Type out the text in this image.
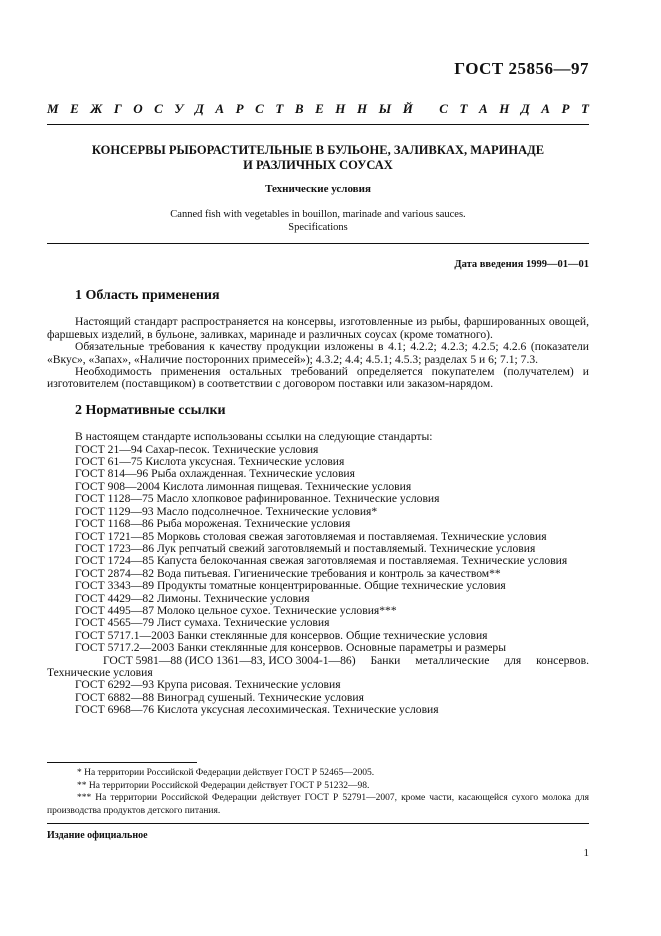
ГОСТ 25856—97
М Е Ж Г О С У Д А Р С Т В Е Н Н Ы Й
С Т А Н Д А Р Т
КОНСЕРВЫ РЫБОРАСТИТЕЛЬНЫЕ В БУЛЬОНЕ, ЗАЛИВКАХ, МАРИНАДЕ
И РАЗЛИЧНЫХ СОУСАХ
Технические условия
Canned fish with vegetables in bouillon, marinade and various sauces.
Specifications
Дата введения 1999—01—01
1 Область применения

Настоящий стандарт распространяется на консервы, изготовленные из рыбы, фаршированных овощей, фаршевых изделий, в бульоне, заливках, маринаде и различных соусах (кроме томатного).

Обязательные требования к качеству продукции изложены в 4.1; 4.2.2; 4.2.3; 4.2.5; 4.2.6 (показатели «Вкус», «Запах», «Наличие посторонних примесей»); 4.3.2; 4.4; 4.5.1; 4.5.3; разделах 5 и 6; 7.1; 7.3.

Необходимость применения остальных требований определяется покупателем (получателем) и изготовителем (поставщиком) в соответствии с договором поставки или заказом-нарядом.

2 Нормативные ссылки

В настоящем стандарте использованы ссылки на следующие стандарты:

ГОСТ 21—94 Сахар-песок. Технические условия

ГОСТ 61—75 Кислота уксусная. Технические условия

ГОСТ 814—96 Рыба охлажденная. Технические условия

ГОСТ 908—2004 Кислота лимонная пищевая. Технические условия

ГОСТ 1128—75 Масло хлопковое рафинированное. Технические условия

ГОСТ 1129—93 Масло подсолнечное. Технические условия*

ГОСТ 1168—86 Рыба мороженая. Технические условия

ГОСТ 1721—85 Морковь столовая свежая заготовляемая и поставляемая. Технические условия

ГОСТ 1723—86 Лук репчатый свежий заготовляемый и поставляемый. Технические условия

ГОСТ 1724—85 Капуста белокочанная свежая заготовляемая и поставляемая. Технические условия

ГОСТ 2874—82 Вода питьевая. Гигиенические требования и контроль за качеством**

ГОСТ 3343—89 Продукты томатные концентрированные. Общие технические условия

ГОСТ 4429—82 Лимоны. Технические условия

ГОСТ 4495—87 Молоко цельное сухое. Технические условия***

ГОСТ 4565—79 Лист сумаха. Технические условия

ГОСТ 5717.1—2003 Банки стеклянные для консервов. Общие технические условия

ГОСТ 5717.2—2003 Банки стеклянные для консервов. Основные параметры и размеры

ГОСТ 5981—88 (ИСО 1361—83, ИСО 3004-1—86) Банки металлические для консервов. Технические условия

ГОСТ 6292—93 Крупа рисовая. Технические условия

ГОСТ 6882—88 Виноград сушеный. Технические условия

ГОСТ 6968—76 Кислота уксусная лесохимическая. Технические условия

* На территории Российской Федерации действует ГОСТ Р 52465—2005.

** На территории Российской Федерации действует ГОСТ Р 51232—98.

*** На территории Российской Федерации действует ГОСТ Р 52791—2007, кроме части, касающейся сухого молока для производства продуктов детского питания.

Издание официальное
1
